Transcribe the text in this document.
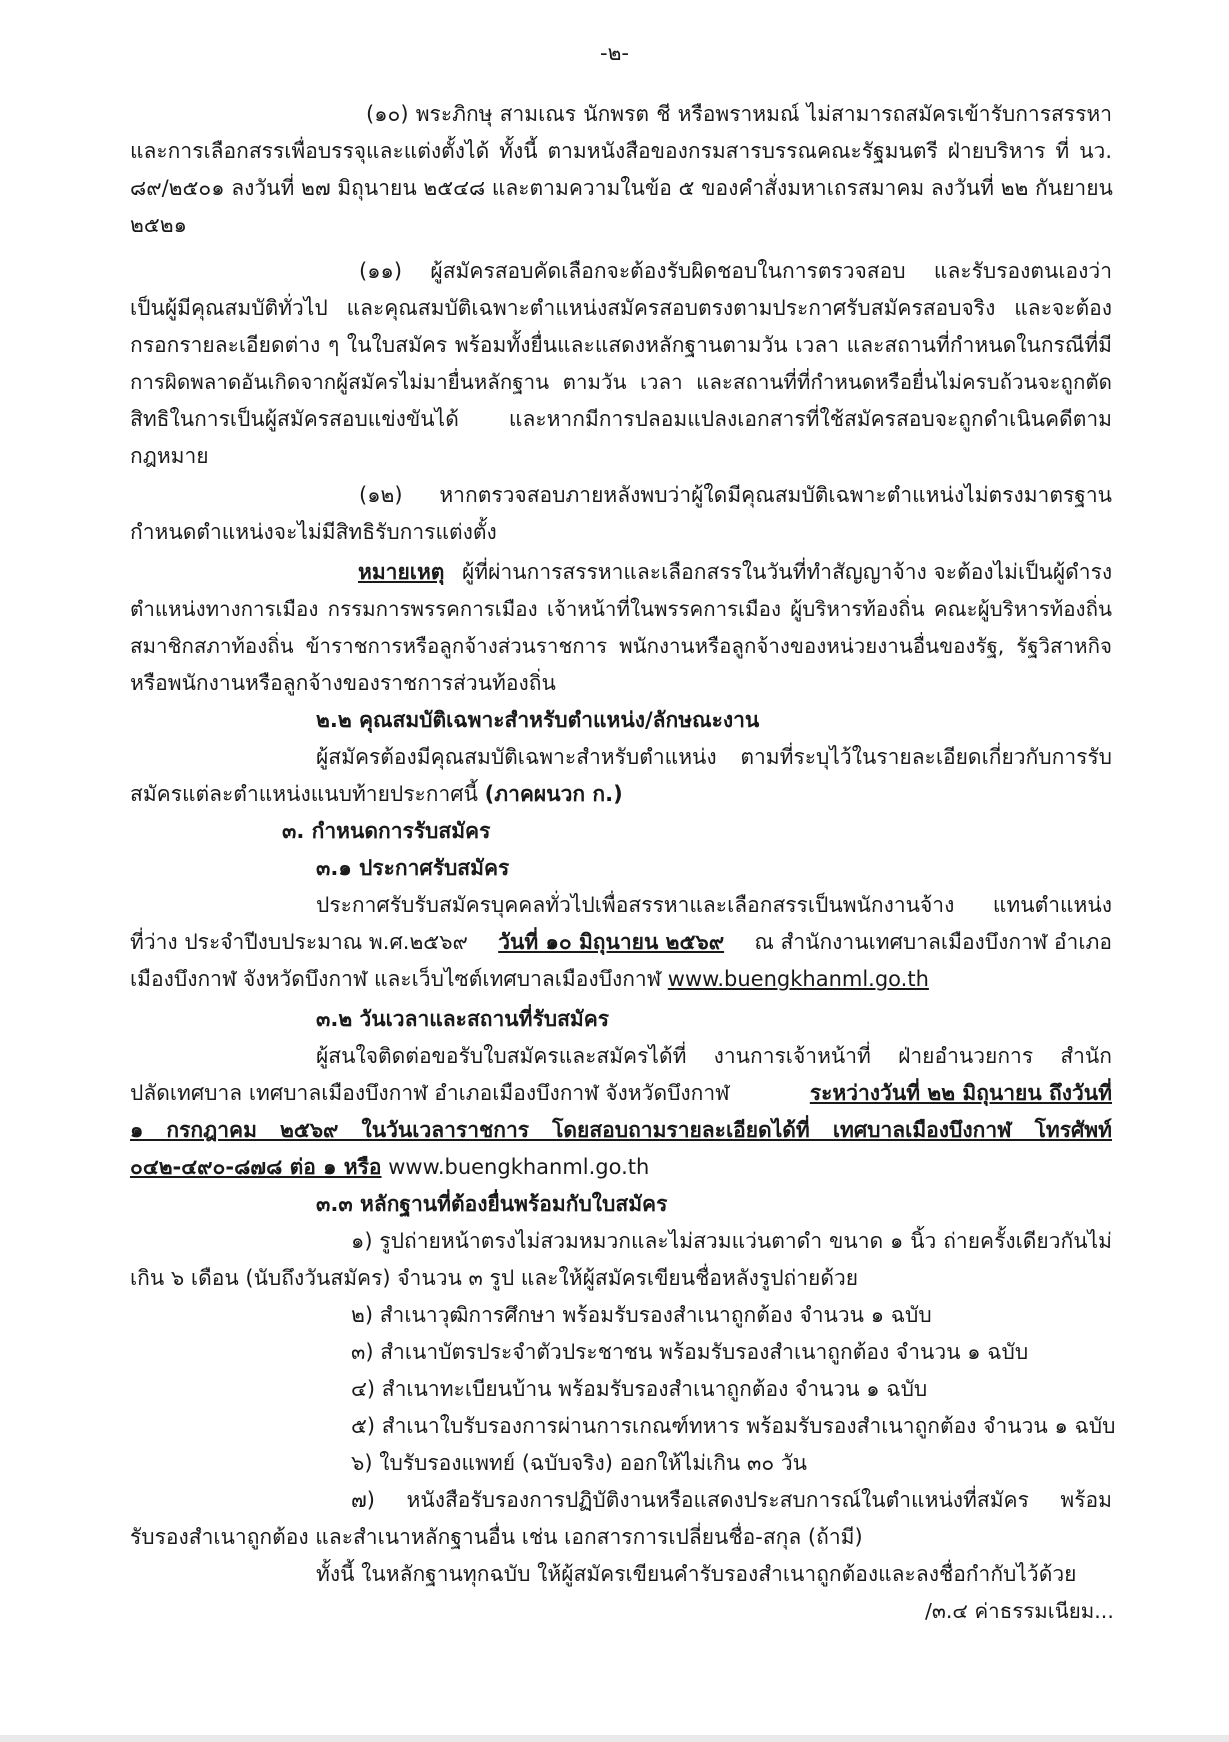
-๒-
(๑๐) พระภิกษุ สามเณร นักพรต ชี หรือพราหมณ์ ไม่สามารถสมัครเข้ารับการสรรหา
และการเลือกสรรเพื่อบรรจุและแต่งตั้งได้ ทั้งนี้ ตามหนังสือของกรมสารบรรณคณะรัฐมนตรี ฝ่ายบริหาร ที่ นว.
๘๙/๒๕๐๑ ลงวันที่ ๒๗ มิถุนายน ๒๕๔๘ และตามความในข้อ ๕ ของคำสั่งมหาเถรสมาคม ลงวันที่ ๒๒ กันยายน
๒๕๒๑
(๑๑) ผู้สมัครสอบคัดเลือกจะต้องรับผิดชอบในการตรวจสอบ และรับรองตนเองว่า
เป็นผู้มีคุณสมบัติทั่วไป และคุณสมบัติเฉพาะตำแหน่งสมัครสอบตรงตามประกาศรับสมัครสอบจริง และจะต้อง
กรอกรายละเอียดต่าง ๆ ในใบสมัคร พร้อมทั้งยื่นและแสดงหลักฐานตามวัน เวลา และสถานที่กำหนดในกรณีที่มี
การผิดพลาดอันเกิดจากผู้สมัครไม่มายื่นหลักฐาน ตามวัน เวลา และสถานที่ที่กำหนดหรือยื่นไม่ครบถ้วนจะถูกตัด
สิทธิในการเป็นผู้สมัครสอบแข่งขันได้ และหากมีการปลอมแปลงเอกสารที่ใช้สมัครสอบจะถูกดำเนินคดีตาม
กฎหมาย
(๑๒) หากตรวจสอบภายหลังพบว่าผู้ใดมีคุณสมบัติเฉพาะตำแหน่งไม่ตรงมาตรฐาน
กำหนดตำแหน่งจะไม่มีสิทธิรับการแต่งตั้ง
หมายเหตุ ผู้ที่ผ่านการสรรหาและเลือกสรรในวันที่ทำสัญญาจ้าง จะต้องไม่เป็นผู้ดำรง
ตำแหน่งทางการเมือง กรรมการพรรคการเมือง เจ้าหน้าที่ในพรรคการเมือง ผู้บริหารท้องถิ่น คณะผู้บริหารท้องถิ่น
สมาชิกสภาท้องถิ่น ข้าราชการหรือลูกจ้างส่วนราชการ พนักงานหรือลูกจ้างของหน่วยงานอื่นของรัฐ, รัฐวิสาหกิจ
หรือพนักงานหรือลูกจ้างของราชการส่วนท้องถิ่น
๒.๒ คุณสมบัติเฉพาะสำหรับตำแหน่ง/ลักษณะงาน
ผู้สมัครต้องมีคุณสมบัติเฉพาะสำหรับตำแหน่ง ตามที่ระบุไว้ในรายละเอียดเกี่ยวกับการรับ
สมัครแต่ละตำแหน่งแนบท้ายประกาศนี้ (ภาคผนวก ก.)
๓. กำหนดการรับสมัคร
๓.๑ ประกาศรับสมัคร
ประกาศรับรับสมัครบุคคลทั่วไปเพื่อสรรหาและเลือกสรรเป็นพนักงานจ้าง แทนตำแหน่ง
ที่ว่าง ประจำปีงบประมาณ พ.ศ.๒๕๖๙ วันที่ ๑๐ มิถุนายน ๒๕๖๙ ณ สำนักงานเทศบาลเมืองบึงกาฬ อำเภอ
เมืองบึงกาฬ จังหวัดบึงกาฬ และเว็บไซต์เทศบาลเมืองบึงกาฬ www.buengkhanml.go.th
๓.๒ วันเวลาและสถานที่รับสมัคร
ผู้สนใจติดต่อขอรับใบสมัครและสมัครได้ที่ งานการเจ้าหน้าที่ ฝ่ายอำนวยการ สำนัก
ปลัดเทศบาล เทศบาลเมืองบึงกาฬ อำเภอเมืองบึงกาฬ จังหวัดบึงกาฬ	ระหว่างวันที่ ๒๒ มิถุนายน ถึงวันที่
๑ กรกฎาคม ๒๕๖๙ ในวันเวลาราชการ โดยสอบถามรายละเอียดได้ที่ เทศบาลเมืองบึงกาฬ โทรศัพท์
๐๔๒-๔๙๐-๘๗๘ ต่อ ๑ หรือ www.buengkhanml.go.th
๓.๓ หลักฐานที่ต้องยื่นพร้อมกับใบสมัคร
๑) รูปถ่ายหน้าตรงไม่สวมหมวกและไม่สวมแว่นตาดำ ขนาด ๑ นิ้ว ถ่ายครั้งเดียวกันไม่
เกิน ๖ เดือน (นับถึงวันสมัคร) จำนวน ๓ รูป และให้ผู้สมัครเขียนชื่อหลังรูปถ่ายด้วย
๒) สำเนาวุฒิการศึกษา พร้อมรับรองสำเนาถูกต้อง จำนวน ๑ ฉบับ
๓) สำเนาบัตรประจำตัวประชาชน พร้อมรับรองสำเนาถูกต้อง จำนวน ๑ ฉบับ
๔) สำเนาทะเบียนบ้าน พร้อมรับรองสำเนาถูกต้อง จำนวน ๑ ฉบับ
๕) สำเนาใบรับรองการผ่านการเกณฑ์ทหาร พร้อมรับรองสำเนาถูกต้อง จำนวน ๑ ฉบับ
๖) ใบรับรองแพทย์ (ฉบับจริง) ออกให้ไม่เกิน ๓๐ วัน
๗) หนังสือรับรองการปฏิบัติงานหรือแสดงประสบการณ์ในตำแหน่งที่สมัคร พร้อม
รับรองสำเนาถูกต้อง และสำเนาหลักฐานอื่น เช่น เอกสารการเปลี่ยนชื่อ-สกุล (ถ้ามี)
ทั้งนี้ ในหลักฐานทุกฉบับ ให้ผู้สมัครเขียนคำรับรองสำเนาถูกต้องและลงชื่อกำกับไว้ด้วย
/๓.๔ ค่าธรรมเนียม...
